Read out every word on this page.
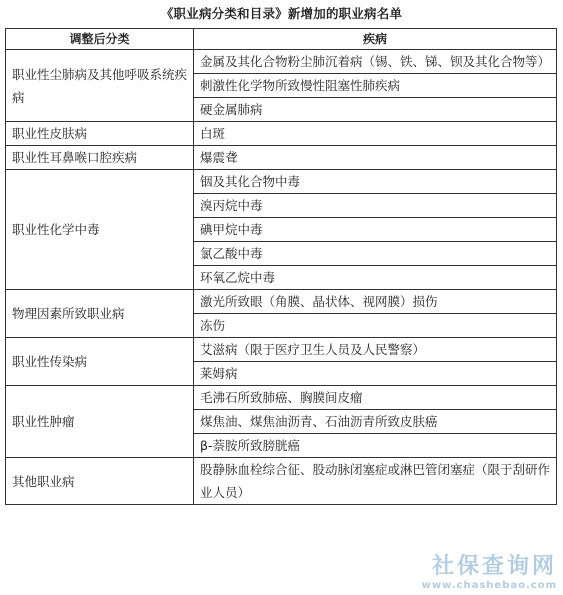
《职业病分类和目录》新增加的职业病名单
调整后分类	疾病
职业性尘肺病及其他呼吸系统疾病	金属及其化合物粉尘肺沉着病（锡、铁、锑、钡及其化合物等）
	刺激性化学物所致慢性阻塞性肺疾病
	硬金属肺病
职业性皮肤病	白斑
职业性耳鼻喉口腔疾病	爆震聋
职业性化学中毒	铟及其化合物中毒
	溴丙烷中毒
	碘甲烷中毒
	氯乙酸中毒
	环氧乙烷中毒
物理因素所致职业病	激光所致眼（角膜、晶状体、视网膜）损伤
	冻伤
职业性传染病	艾滋病（限于医疗卫生人员及人民警察）
	莱姆病
职业性肿瘤	毛沸石所致肺癌、胸膜间皮瘤
	煤焦油、煤焦油沥青、石油沥青所致皮肤癌
	β-萘胺所致膀胱癌
其他职业病	股静脉血栓综合征、股动脉闭塞症或淋巴管闭塞症（限于刮研作业人员）
社保查询网
www.chashebao.com
